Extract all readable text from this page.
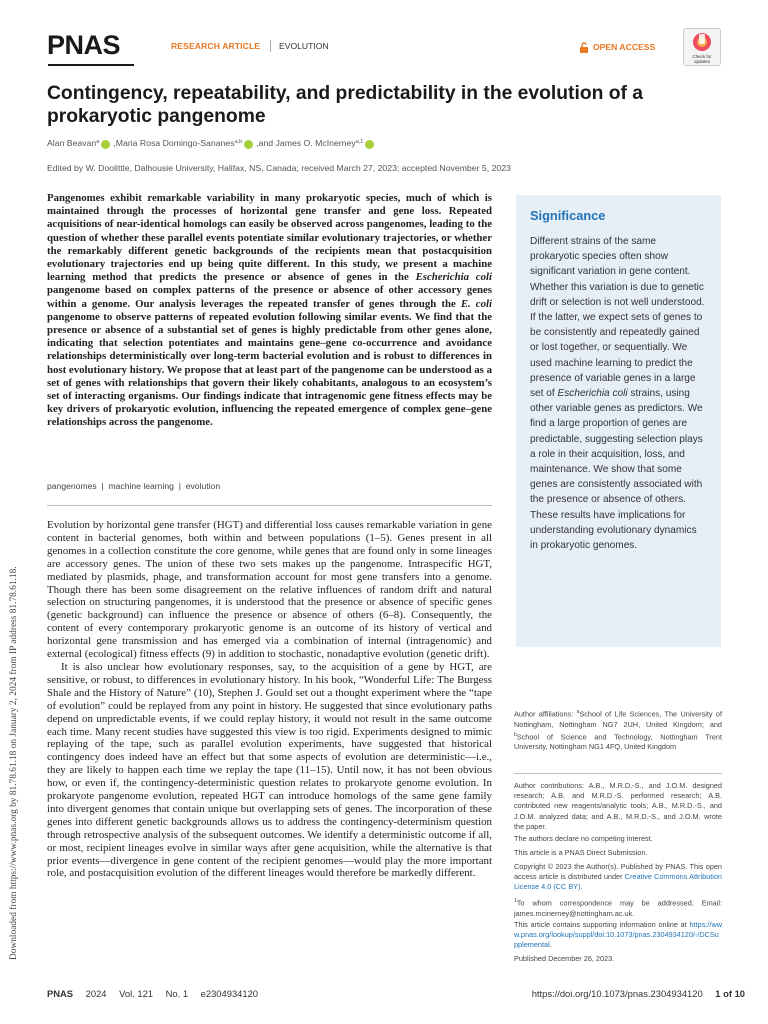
Downloaded from https://www.pnas.org by 81.78.61.18 on January 2, 2024 from IP address 81.78.61.18.
PNAS	RESEARCH ARTICLE EVOLUTION	OPEN ACCESS
Check for updates
Contingency, repeatability, and predictability in the evolution of a prokaryotic pangenome
Alan Beavan$^a$ , Maria Rosa Domingo-Sananes$^{a,b}$ , and James O. McInerney$^{a,1}$
Edited by W. Doolittle, Dalhousie University, Halifax, NS, Canada; received March 27, 2023; accepted November 5, 2023
Pangenomes exhibit remarkable variability in many prokaryotic species, much of which is maintained through the processes of horizontal gene transfer and gene loss. Repeated acquisitions of near-identical homologs can easily be observed across pangenomes, leading to the question of whether these parallel events potentiate similar evolutionary trajectories, or whether the remarkably different genetic backgrounds of the recipients mean that postacquisition evolutionary trajectories end up being quite different. In this study, we present a machine learning method that predicts the presence or absence of genes in the Escherichia coli pangenome based on complex patterns of the presence or absence of other accessory genes within a genome. Our analysis leverages the repeated transfer of genes through the E. coli pangenome to observe patterns of repeated evolution following similar events. We find that the presence or absence of a substantial set of genes is highly predictable from other genes alone, indicating that selection potentiates and maintains gene–gene co-occurrence and avoidance relationships deterministically over long-term bacterial evolution and is robust to differences in host evolutionary history. We propose that at least part of the pangenome can be understood as a set of genes with relationships that govern their likely cohabitants, analogous to an ecosystem’s set of interacting organisms. Our findings indicate that intragenomic gene fitness effects may be key drivers of prokaryotic evolution, influencing the repeated emergence of complex gene–gene relationships across the pangenome.
pangenomes  |  machine learning  |  evolution

Evolution by horizontal gene transfer (HGT) and differential loss causes remarkable variation in gene content in bacterial genomes, both within and between populations (1–5). Genes present in all genomes in a collection constitute the core genome, while genes that are found only in some lineages are accessory genes. The union of these two sets makes up the pangenome. Intraspecific HGT, mediated by plasmids, phage, and transformation account for most gene transfers into a genome. Though there has been some disagreement on the relative influences of random drift and natural selection on structuring pangenomes, it is understood that the presence or absence of specific genes (genetic background) can influence the presence or absence of others (6–8). Consequently, the content of every contemporary prokaryotic genome is an outcome of its history of vertical and horizontal gene transmission and has emerged via a combination of internal (intragenomic) and external (ecological) fitness effects (9) in addition to stochastic, nonadaptive evolution (genetic drift).

It is also unclear how evolutionary responses, say, to the acquisition of a gene by HGT, are sensitive, or robust, to differences in evolutionary history. In his book, “Wonderful Life: The Burgess Shale and the History of Nature” (10), Stephen J. Gould set out a thought experiment where the “tape of evolution” could be replayed from any point in history. He suggested that since evolutionary paths depend on unpredictable events, if we could replay history, it would not result in the same outcome each time. Many recent studies have suggested this view is too rigid. Experiments designed to mimic replaying of the tape, such as parallel evolution experiments, have suggested that historical contingency does indeed have an effect but that some aspects of evolution are deterministic—i.e., they are likely to happen each time we replay the tape (11–15). Until now, it has not been obvious how, or even if, the contingency-deterministic question relates to prokaryote genome evolution. In prokaryote pangenome evolution, repeated HGT can introduce homologs of the same gene family into divergent genomes that contain unique but overlapping sets of genes. The incorporation of these genes into different genetic backgrounds allows us to address the contingency-determinism question through retrospective analysis of the subsequent outcomes. We identify a deterministic outcome if all, or most, recipient lineages evolve in similar ways after gene acquisition, while the alternative is that prior events—divergence in gene content of the recipient genomes—would play the more important role, and postacquisition evolution of the different lineages would therefore be markedly different.

Significance
Different strains of the same prokaryotic species often show significant variation in gene content. Whether this variation is due to genetic drift or selection is not well understood. If the latter, we expect sets of genes to be consistently and repeatedly gained or lost together, or sequentially. We used machine learning to predict the presence of variable genes in a large set of Escherichia coli strains, using other variable genes as predictors. We find a large proportion of genes are predictable, suggesting selection plays a role in their acquisition, loss, and maintenance. We show that some genes are consistently associated with the presence or absence of others. These results have implications for understanding evolutionary dynamics in prokaryotic genomes.
Author affiliations: $^a$School of Life Sciences, The University of Nottingham, Nottingham NG7 2UH, United Kingdom; and $^b$School of Science and Technology, Nottingham Trent University, Nottingham NG1 4FQ, United Kingdom
Author contributions: A.B., M.R.D.-S., and J.O.M. designed research; A.B. and M.R.D.-S. performed research; A.B. contributed new reagents/analytic tools; A.B., M.R.D.-S., and J.O.M. analyzed data; and A.B., M.R.D.-S., and J.O.M. wrote the paper.
The authors declare no competing interest.
This article is a PNAS Direct Submission.
Copyright © 2023 the Author(s). Published by PNAS. This open access article is distributed under Creative Commons Attribution License 4.0 (CC BY).
$^1$To whom correspondence may be addressed. Email: james.mcinerney@nottingham.ac.uk.
This article contains supporting information online at https://www.pnas.org/lookup/suppl/doi:10.1073/pnas.2304934120/-/DCSupplemental.
Published December 26, 2023.
PNAS 2024 Vol. 121 No. 1 e2304934120	https://doi.org/10.1073/pnas.2304934120 1 of 10
